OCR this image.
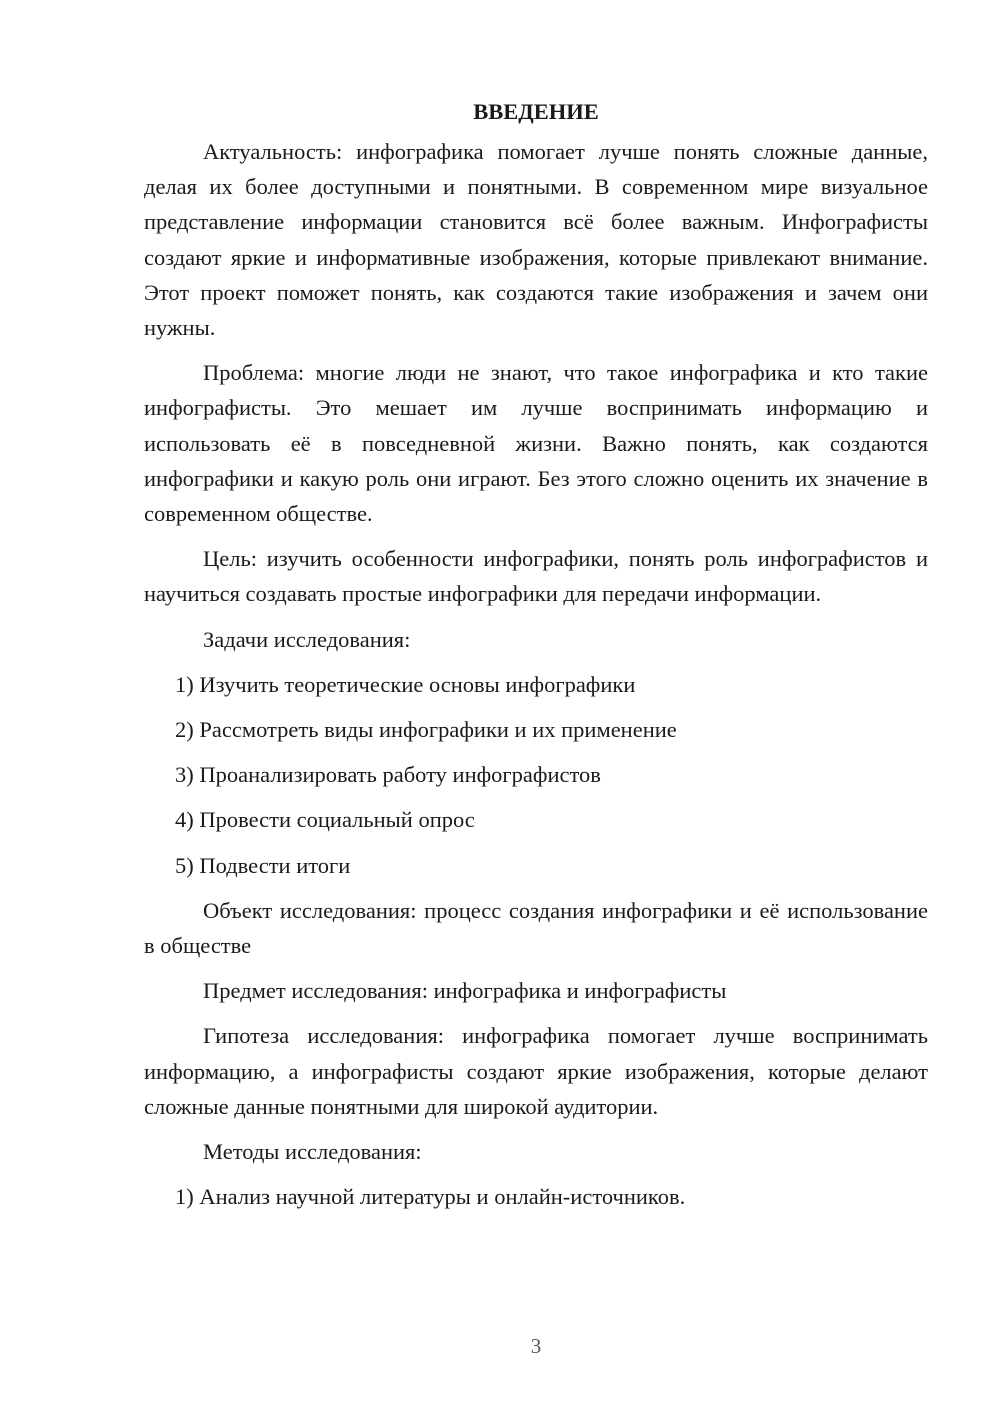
ВВЕДЕНИЕ
Актуальность: инфографика помогает лучше понять сложные данные, делая их более доступными и понятными. В современном мире визуальное представление информации становится всё более важным. Инфографисты создают яркие и информативные изображения, которые привлекают внимание. Этот проект поможет понять, как создаются такие изображения и зачем они нужны.
Проблема: многие люди не знают, что такое инфографика и кто такие инфографисты. Это мешает им лучше воспринимать информацию и использовать её в повседневной жизни. Важно понять, как создаются инфографики и какую роль они играют. Без этого сложно оценить их значение в современном обществе.
Цель: изучить особенности инфографики, понять роль инфографистов и научиться создавать простые инфографики для передачи информации.
Задачи исследования:
1) Изучить теоретические основы инфографики
2) Рассмотреть виды инфографики и их применение
3) Проанализировать работу инфографистов
4) Провести социальный опрос
5) Подвести итоги
Объект исследования: процесс создания инфографики и её использование в обществе
Предмет исследования: инфографика и инфографисты
Гипотеза исследования: инфографика помогает лучше воспринимать информацию, а инфографисты создают яркие изображения, которые делают сложные данные понятными для широкой аудитории.
Методы исследования:
1) Анализ научной литературы и онлайн-источников.
3
